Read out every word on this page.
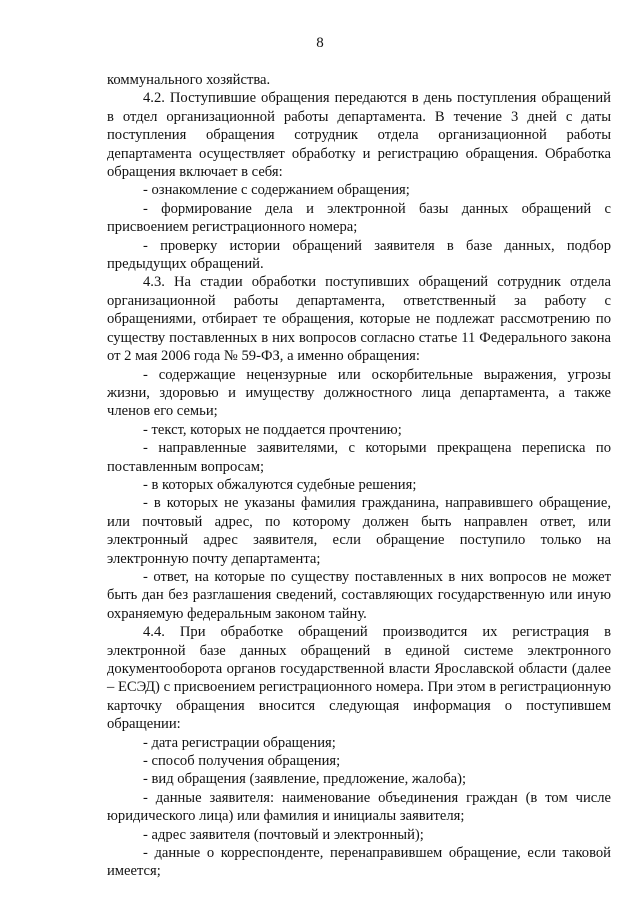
8

коммунального хозяйства.

4.2. Поступившие обращения передаются в день поступления обращений в отдел организационной работы департамента. В течение 3 дней с даты поступления обращения сотрудник отдела организационной работы департамента осуществляет обработку и регистрацию обращения. Обработка обращения включает в себя:

- ознакомление с содержанием обращения;

- формирование дела и электронной базы данных обращений с присвоением регистрационного номера;

- проверку истории обращений заявителя в базе данных, подбор предыдущих обращений.

4.3. На стадии обработки поступивших обращений сотрудник отдела организационной работы департамента, ответственный за работу с обращениями, отбирает те обращения, которые не подлежат рассмотрению по существу поставленных в них вопросов согласно статье 11 Федерального закона от 2 мая 2006 года № 59-ФЗ, а именно обращения:

- содержащие нецензурные или оскорбительные выражения, угрозы жизни, здоровью и имуществу должностного лица департамента, а также членов его семьи;

- текст, которых не поддается прочтению;

- направленные заявителями, с которыми прекращена переписка по поставленным вопросам;

- в которых обжалуются судебные решения;

- в которых не указаны фамилия гражданина, направившего обращение, или почтовый адрес, по которому должен быть направлен ответ, или электронный адрес заявителя, если обращение поступило только на электронную почту департамента;

- ответ, на которые по существу поставленных в них вопросов не может быть дан без разглашения сведений, составляющих государственную или иную охраняемую федеральным законом тайну.

4.4. При обработке обращений производится их регистрация в электронной базе данных обращений в единой системе электронного документооборота органов государственной власти Ярославской области (далее – ЕСЭД) с присвоением регистрационного номера. При этом в регистрационную карточку обращения вносится следующая информация о поступившем обращении:

- дата регистрации обращения;

- способ получения обращения;

- вид обращения (заявление, предложение, жалоба);

- данные заявителя: наименование объединения граждан (в том числе юридического лица) или фамилия и инициалы заявителя;

- адрес заявителя (почтовый и электронный);

- данные о корреспонденте, перенаправившем обращение, если таковой имеется;
